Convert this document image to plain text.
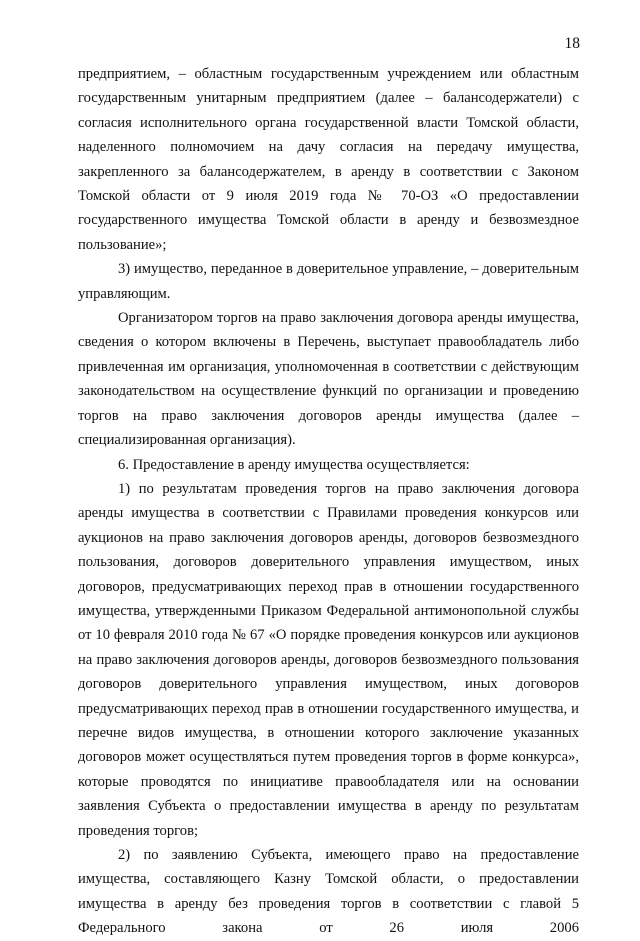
18

предприятием, – областным государственным учреждением или областным государственным унитарным предприятием (далее – балансодержатели) с согласия исполнительного органа государственной власти Томской области, наделенного полномочием на дачу согласия на передачу имущества, закрепленного за балансодержателем, в аренду в соответствии с Законом Томской области от 9 июля 2019 года № 70-ОЗ «О предоставлении государственного имущества Томской области в аренду и безвозмездное пользование»;

3) имущество, переданное в доверительное управление, – доверительным управляющим.

Организатором торгов на право заключения договора аренды имущества, сведения о котором включены в Перечень, выступает правообладатель либо привлеченная им организация, уполномоченная в соответствии с действующим законодательством на осуществление функций по организации и проведению торгов на право заключения договоров аренды имущества (далее – специализированная организация).

6. Предоставление в аренду имущества осуществляется:

1) по результатам проведения торгов на право заключения договора аренды имущества в соответствии с Правилами проведения конкурсов или аукционов на право заключения договоров аренды, договоров безвозмездного пользования, договоров доверительного управления имуществом, иных договоров, предусматривающих переход прав в отношении государственного имущества, утвержденными Приказом Федеральной антимонопольной службы от 10 февраля 2010 года № 67 «О порядке проведения конкурсов или аукционов на право заключения договоров аренды, договоров безвозмездного пользования договоров доверительного управления имуществом, иных договоров предусматривающих переход прав в отношении государственного имущества, и перечне видов имущества, в отношении которого заключение указанных договоров может осуществляться путем проведения торгов в форме конкурса», которые проводятся по инициативе правообладателя или на основании заявления Субъекта о предоставлении имущества в аренду по результатам проведения торгов;

2) по заявлению Субъекта, имеющего право на предоставление имущества, составляющего Казну Томской области, о предоставлении имущества в аренду без проведения торгов в соответствии с главой 5 Федерального закона от 26 июля 2006
